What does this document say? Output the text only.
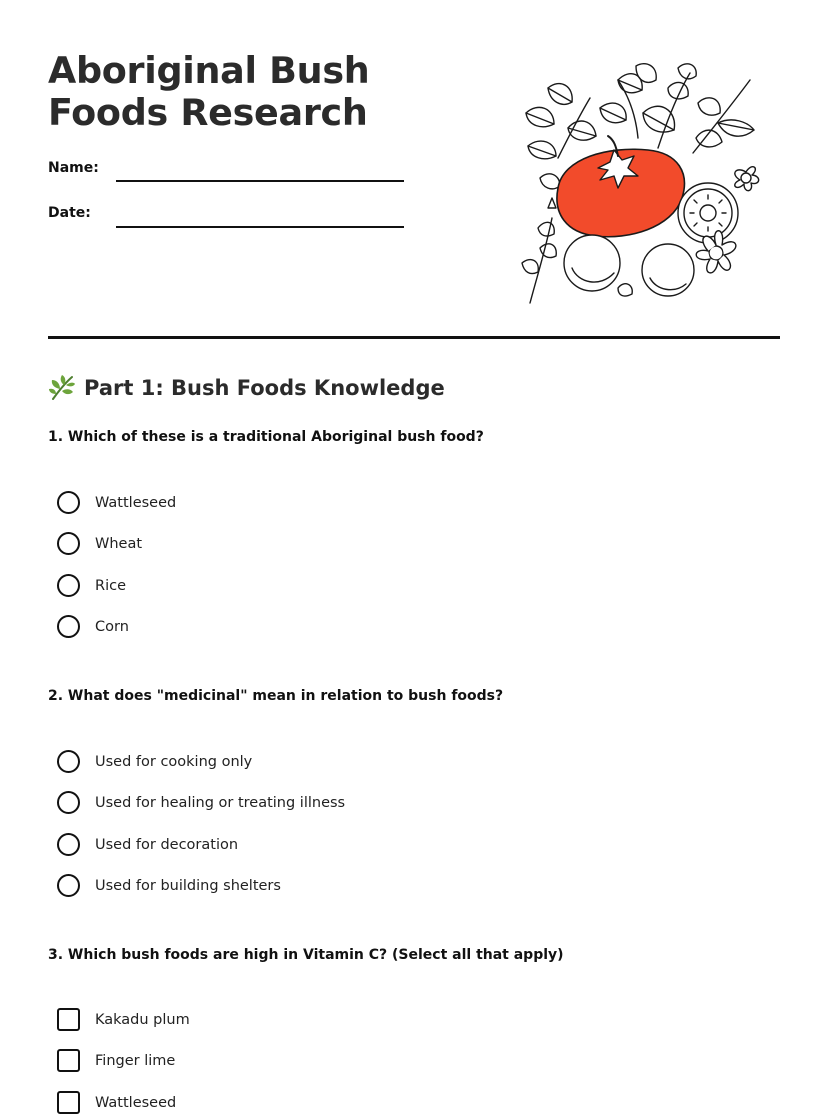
Aboriginal Bush Foods Research
Name:
Date:
Part 1: Bush Foods Knowledge
1. Which of these is a traditional Aboriginal bush food?
Wattleseed
Wheat
Rice
Corn
2. What does "medicinal" mean in relation to bush foods?
Used for cooking only
Used for healing or treating illness
Used for decoration
Used for building shelters
3. Which bush foods are high in Vitamin C? (Select all that apply)
Kakadu plum
Finger lime
Wattleseed
